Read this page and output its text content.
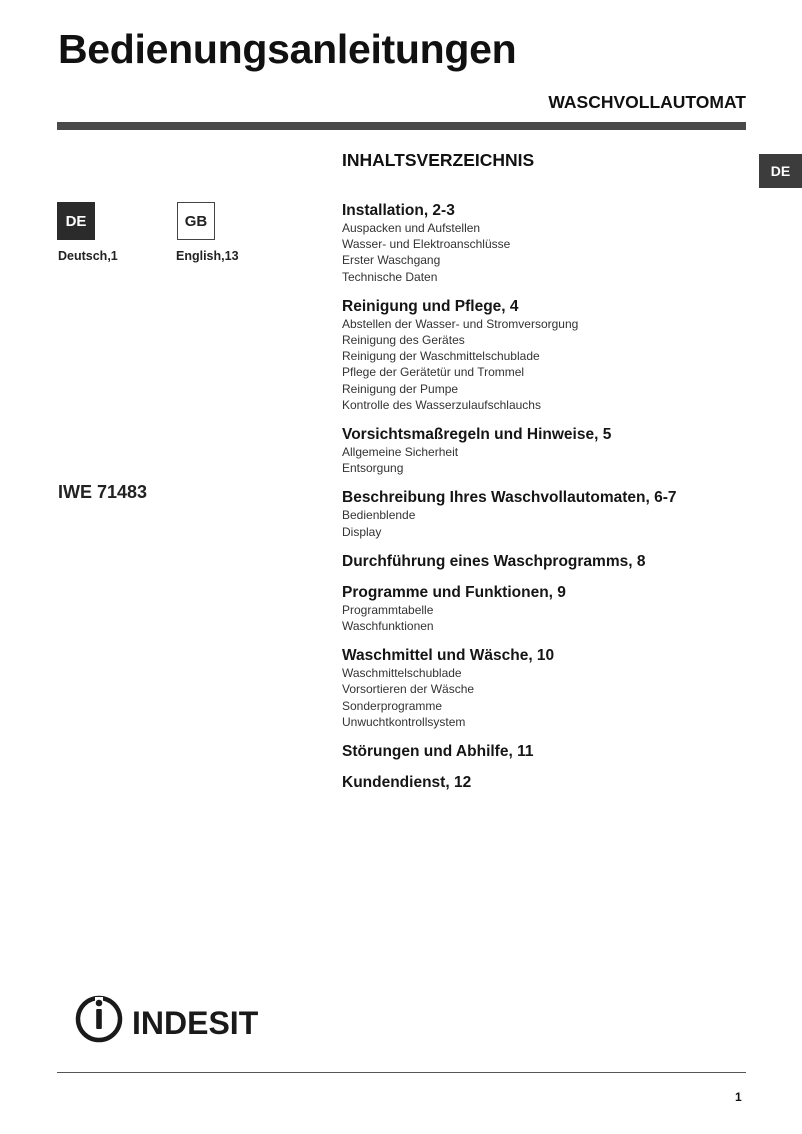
Bedienungsanleitungen
WASCHVOLLAUTOMAT
DE
DE	GB
Deutsch,1	English,13
IWE 71483
INHALTSVERZEICHNIS
Installation, 2-3
Auspacken und Aufstellen
Wasser- und Elektroanschlüsse
Erster Waschgang
Technische Daten
Reinigung und Pflege, 4
Abstellen der Wasser- und Stromversorgung
Reinigung des Gerätes
Reinigung der Waschmittelschublade
Pflege der Gerätetür und Trommel
Reinigung der Pumpe
Kontrolle des Wasserzulaufschlauchs
Vorsichtsmaßregeln und Hinweise, 5
Allgemeine Sicherheit
Entsorgung
Beschreibung Ihres Waschvollautomaten, 6-7
Bedienblende
Display
Durchführung eines Waschprogramms, 8
Programme und Funktionen, 9
Programmtabelle
Waschfunktionen
Waschmittel und Wäsche, 10
Waschmittelschublade
Vorsortieren der Wäsche
Sonderprogramme
Unwuchtkontrollsystem
Störungen und Abhilfe, 11
Kundendienst, 12
INDESIT
1
